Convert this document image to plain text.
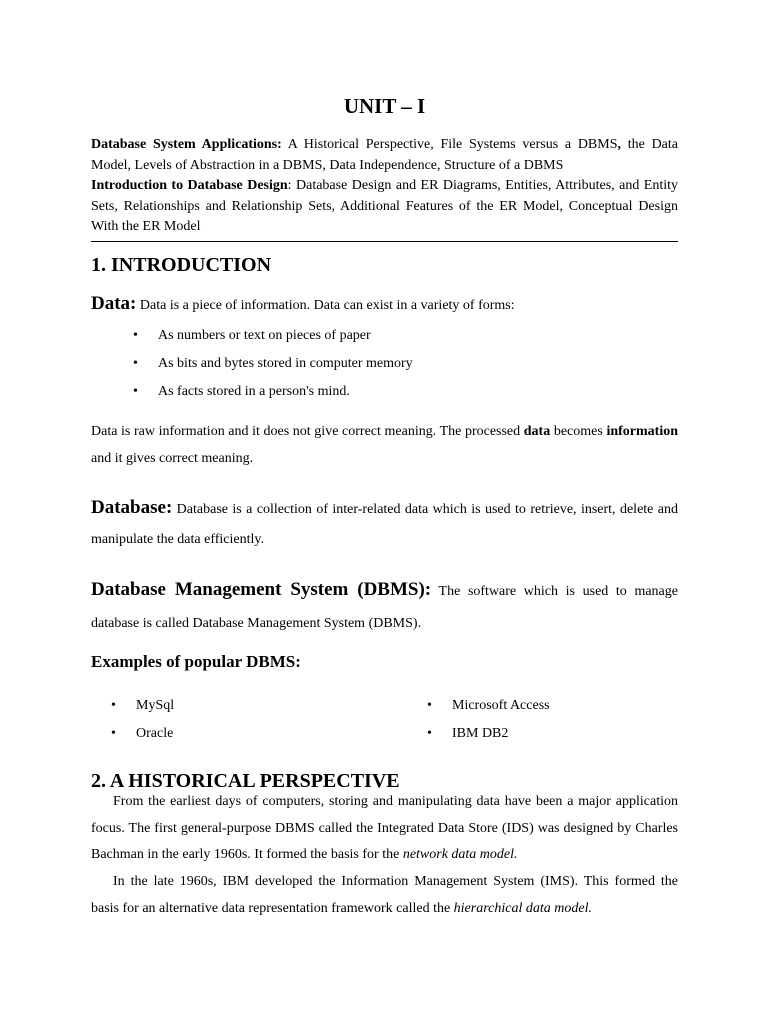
UNIT – I

Database System Applications: A Historical Perspective, File Systems versus a DBMS, the Data Model, Levels of Abstraction in a DBMS, Data Independence, Structure of a DBMS
Introduction to Database Design: Database Design and ER Diagrams, Entities, Attributes, and Entity Sets, Relationships and Relationship Sets, Additional Features of the ER Model, Conceptual Design With the ER Model

1. INTRODUCTION

Data: Data is a piece of information. Data can exist in a variety of forms:

• As numbers or text on pieces of paper
• As bits and bytes stored in computer memory
• As facts stored in a person's mind.

Data is raw information and it does not give correct meaning. The processed data becomes information and it gives correct meaning.

Database: Database is a collection of inter-related data which is used to retrieve, insert, delete and manipulate the data efficiently.

Database Management System (DBMS): The software which is used to manage database is called Database Management System (DBMS).

Examples of popular DBMS:
• MySql
• Oracle
• Microsoft Access
• IBM DB2
2. A HISTORICAL PERSPECTIVE

From the earliest days of computers, storing and manipulating data have been a major application focus. The first general-purpose DBMS called the Integrated Data Store (IDS) was designed by Charles Bachman in the early 1960s. It formed the basis for the network data model.

In the late 1960s, IBM developed the Information Management System (IMS). This formed the basis for an alternative data representation framework called the hierarchical data model.
